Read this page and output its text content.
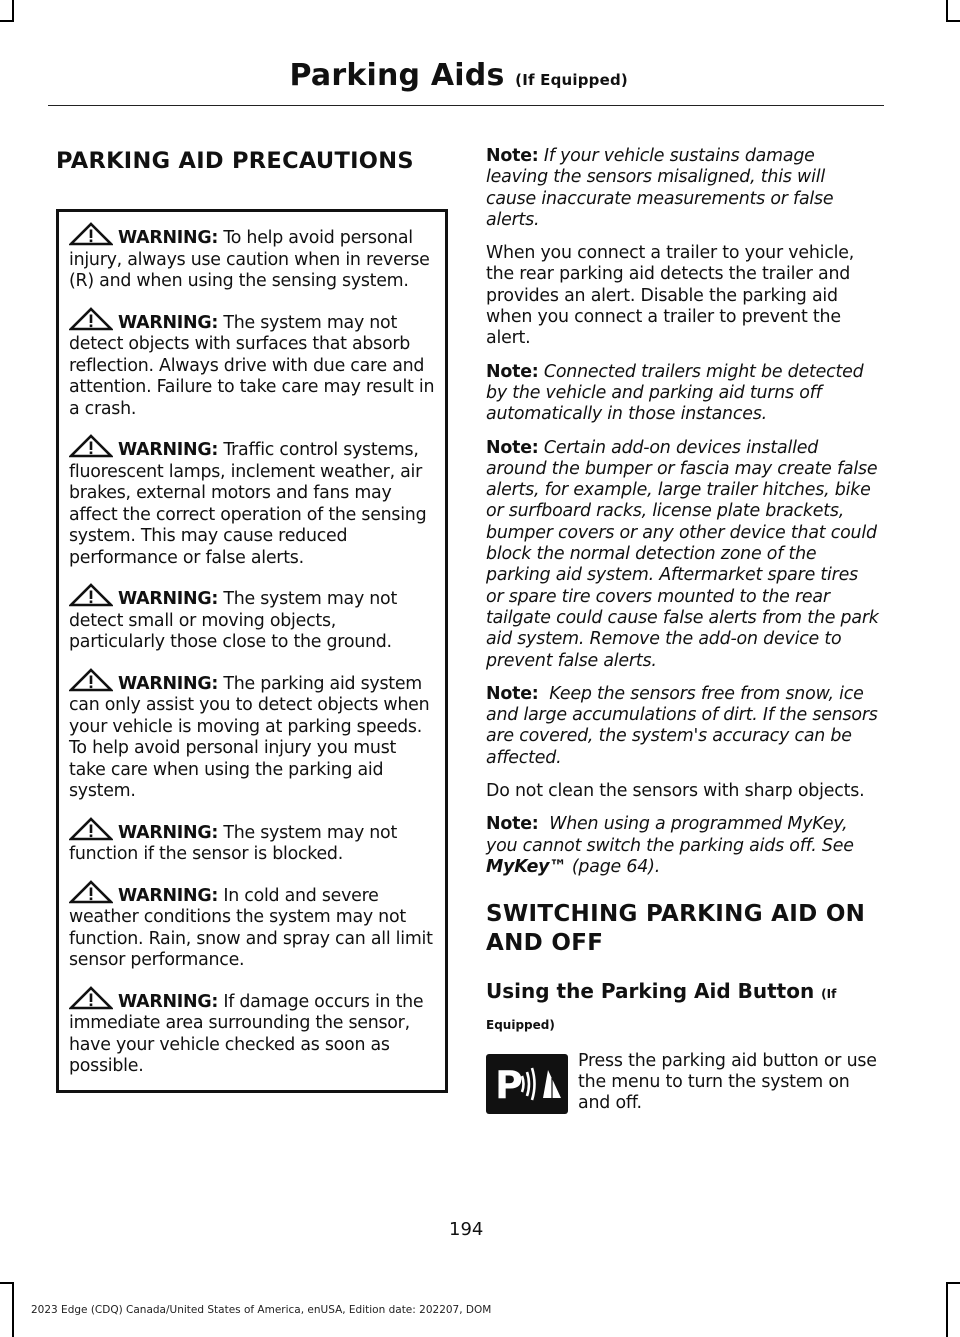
Parking Aids (If Equipped)
PARKING AID PRECAUTIONS

WARNING: To help avoid personal injury, always use caution when in reverse (R) and when using the sensing system.

WARNING: The system may not detect objects with surfaces that absorb reflection. Always drive with due care and attention. Failure to take care may result in a crash.

WARNING: Traffic control systems, fluorescent lamps, inclement weather, air brakes, external motors and fans may affect the correct operation of the sensing system. This may cause reduced performance or false alerts.

WARNING: The system may not detect small or moving objects, particularly those close to the ground.

WARNING: The parking aid system can only assist you to detect objects when your vehicle is moving at parking speeds. To help avoid personal injury you must take care when using the parking aid system.

WARNING: The system may not function if the sensor is blocked.

WARNING: In cold and severe weather conditions the system may not function. Rain, snow and spray can all limit sensor performance.

WARNING: If damage occurs in the immediate area surrounding the sensor, have your vehicle checked as soon as possible.

Note: If your vehicle sustains damage leaving the sensors misaligned, this will cause inaccurate measurements or false alerts.

When you connect a trailer to your vehicle, the rear parking aid detects the trailer and provides an alert. Disable the parking aid when you connect a trailer to prevent the alert.

Note: Connected trailers might be detected by the vehicle and parking aid turns off automatically in those instances.

Note: Certain add-on devices installed around the bumper or fascia may create false alerts, for example, large trailer hitches, bike or surfboard racks, license plate brackets, bumper covers or any other device that could block the normal detection zone of the parking aid system. Aftermarket spare tires or spare tire covers mounted to the rear tailgate could cause false alerts from the park aid system. Remove the add-on device to prevent false alerts.

Note: Keep the sensors free from snow, ice and large accumulations of dirt. If the sensors are covered, the system's accuracy can be affected.

Do not clean the sensors with sharp objects.

Note: When using a programmed MyKey, you cannot switch the parking aids off. See MyKey™ (page 64).

SWITCHING PARKING AID ON AND OFF
Using the Parking Aid Button (If Equipped)
P
Press the parking aid button or use the menu to turn the system on and off.
194
2023 Edge (CDQ) Canada/United States of America, enUSA, Edition date: 202207, DOM
